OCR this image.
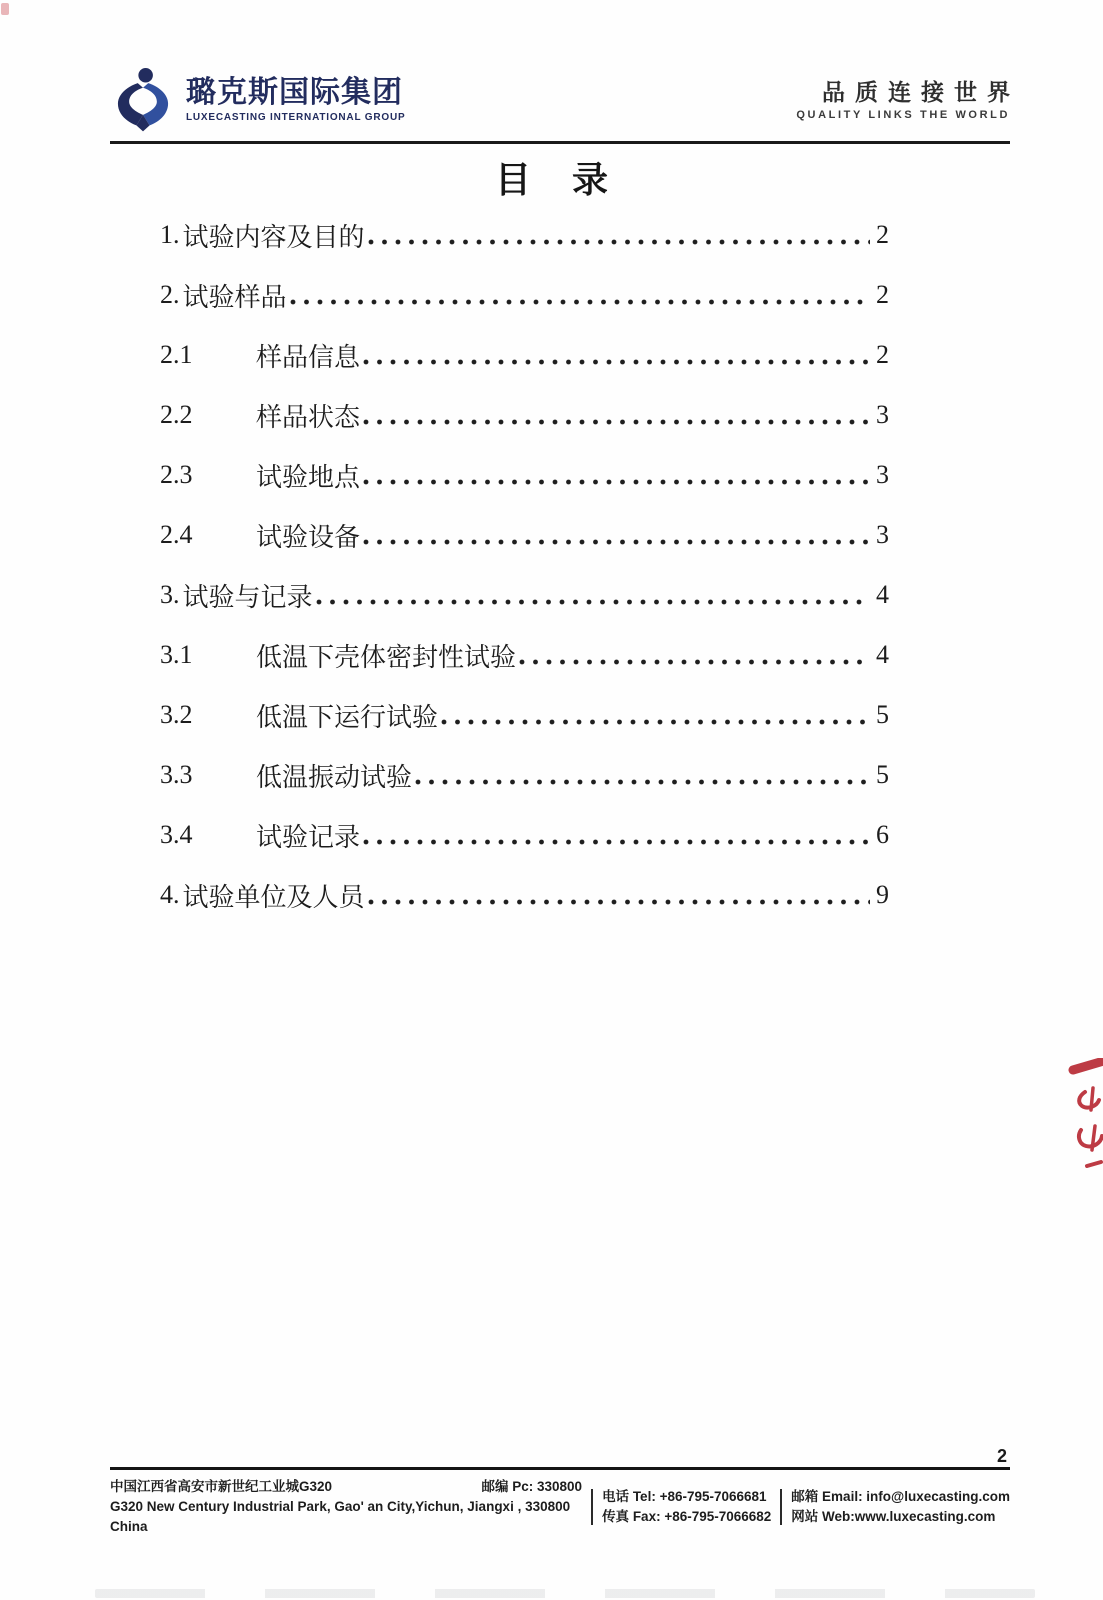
璐克斯国际集团
LUXECASTING INTERNATIONAL GROUP
品质连接世界
QUALITY LINKS THE WORLD
目 录
1. 试验内容及目的	2
2. 试验样品	2
2.1	样品信息	2
2.2	样品状态	3
2.3	试验地点	3
2.4	试验设备	3
3. 试验与记录	4
3.1	低温下壳体密封性试验	4
3.2	低温下运行试验	5
3.3	低温振动试验	5
3.4	试验记录	6
4. 试验单位及人员	9
2
中国江西省高安市新世纪工业城G320	邮编 Pc: 330800
G320 New Century Industrial Park, Gao' an City,Yichun, Jiangxi , 330800 China
电话 Tel: +86-795-7066681
传真 Fax: +86-795-7066682
邮箱 Email: info@luxecasting.com
网站 Web:www.luxecasting.com
